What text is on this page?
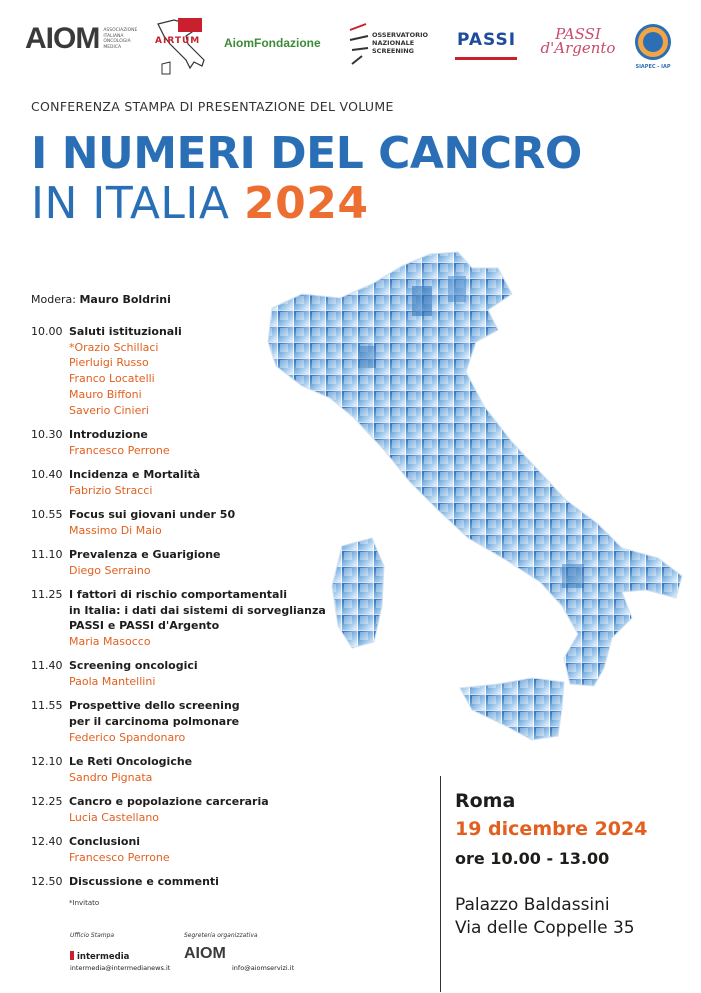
AIOM ASSOCIAZIONE ITALIANA ONCOLOGIA MEDICA
AIRTUM AiomFondazione
OSSERVATORIO
NAZIONALE
SCREENING
PASSI	PASSI d'Argento
SIAPEC - IAP
CONFERENZA STAMPA DI PRESENTAZIONE DEL VOLUME
I NUMERI DEL CANCRO
IN ITALIA 2024
Modera: Mauro Boldrini
10.00 Saluti istituzionali
*Orazio Schillaci
Pierluigi Russo
Franco Locatelli
Mauro Biffoni
Saverio Cinieri
10.30 Introduzione
Francesco Perrone
10.40 Incidenza e Mortalità
Fabrizio Stracci
10.55 Focus sui giovani under 50
Massimo Di Maio
11.10 Prevalenza e Guarigione
Diego Serraino
11.25 I fattori di rischio comportamentali
in Italia: i dati dai sistemi di sorveglianza
PASSI e PASSI d'Argento
Maria Masocco
11.40 Screening oncologici
Paola Mantellini
11.55 Prospettive dello screening
per il carcinoma polmonare
Federico Spandonaro
12.10 Le Reti Oncologiche
Sandro Pignata
12.25 Cancro e popolazione carceraria
Lucia Castellano
12.40 Conclusioni
Francesco Perrone
12.50 Discussione e commenti
*Invitato
Ufficio Stampa
intermedia
intermedia@intermedianews.it
Segreteria organizzativa
AIOM
info@aiomservizi.it
Roma
19 dicembre 2024
ore 10.00 - 13.00
Palazzo Baldassini
Via delle Coppelle 35
